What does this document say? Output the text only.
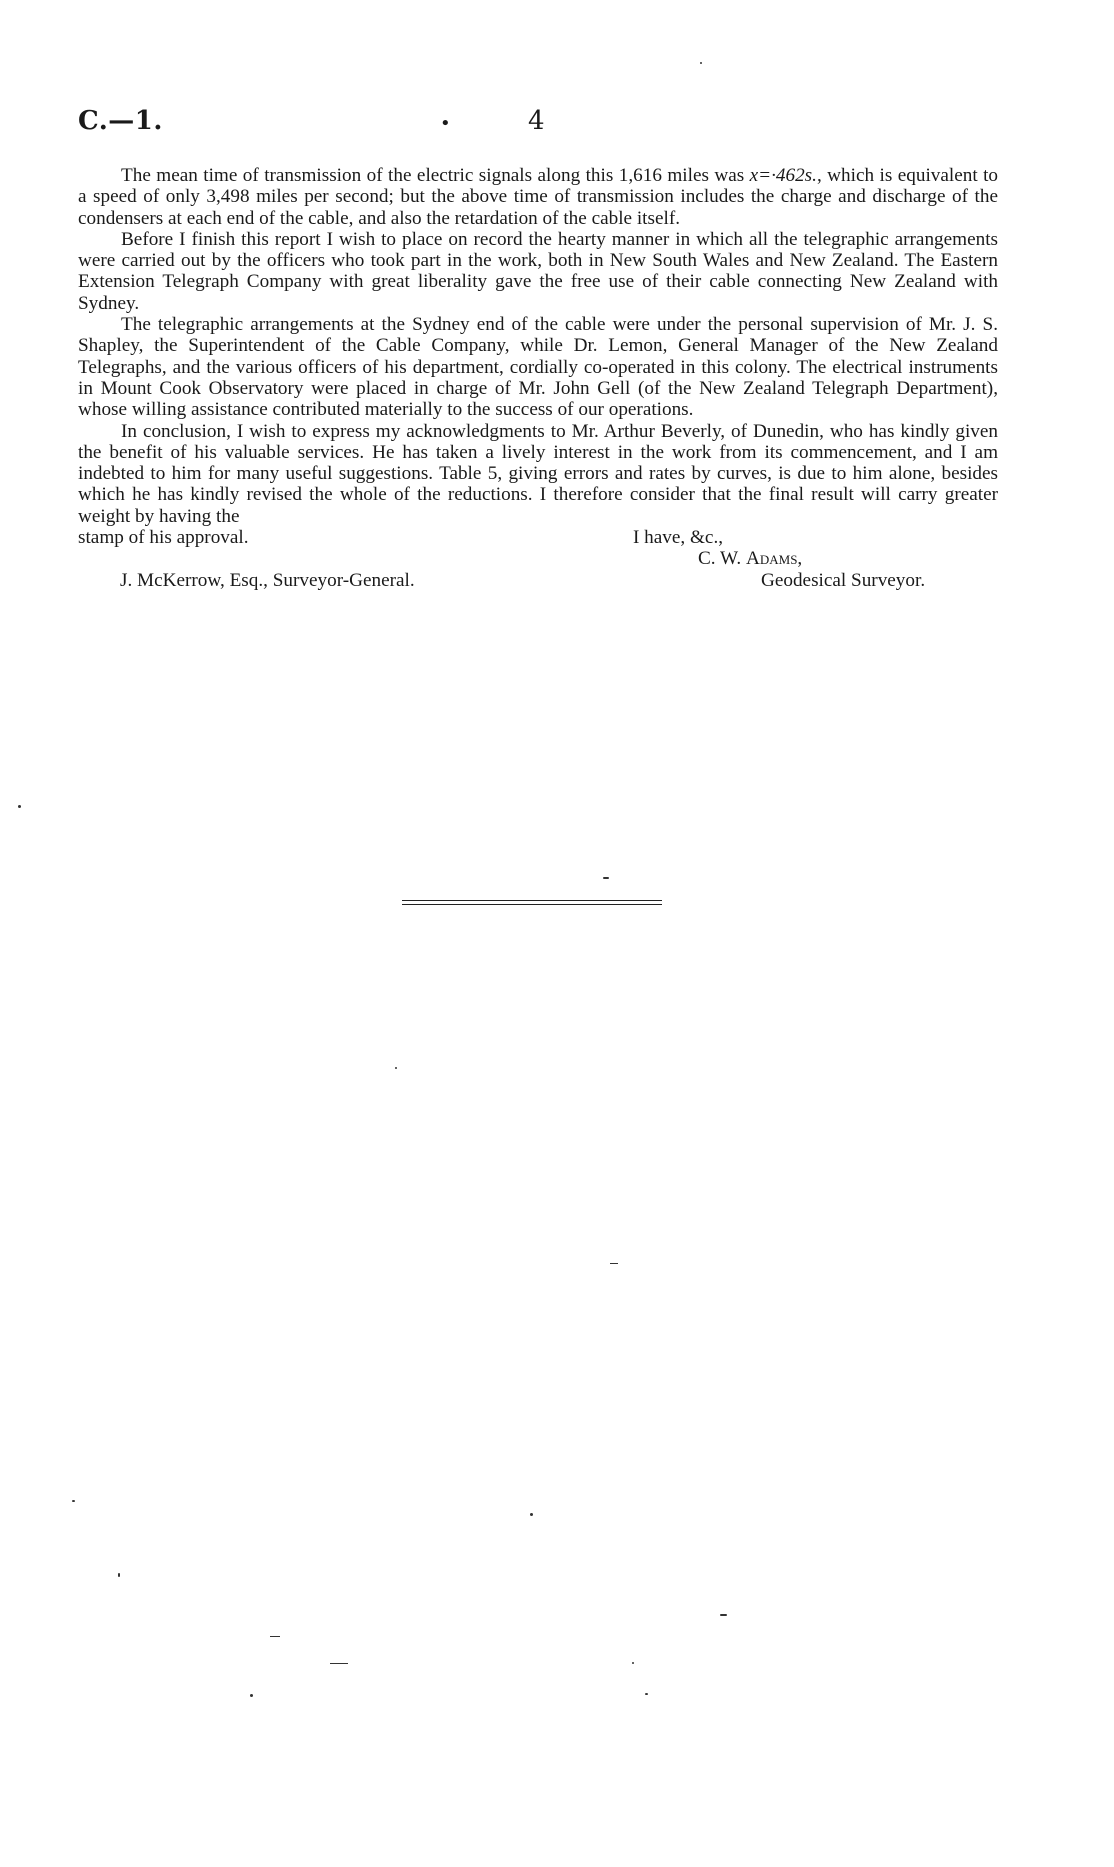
C.—1.	•	4

The mean time of transmission of the electric signals along this 1,616 miles was x=·462s., which is equivalent to a speed of only 3,498 miles per second; but the above time of transmission includes the charge and discharge of the condensers at each end of the cable, and also the retardation of the cable itself.

Before I finish this report I wish to place on record the hearty manner in which all the telegraphic arrangements were carried out by the officers who took part in the work, both in New South Wales and New Zealand. The Eastern Extension Telegraph Company with great liberality gave the free use of their cable connecting New Zealand with Sydney.

The telegraphic arrangements at the Sydney end of the cable were under the personal supervision of Mr. J. S. Shapley, the Superintendent of the Cable Company, while Dr. Lemon, General Manager of the New Zealand Telegraphs, and the various officers of his department, cordially co-operated in this colony. The electrical instruments in Mount Cook Observatory were placed in charge of Mr. John Gell (of the New Zealand Telegraph Department), whose willing assistance contributed materially to the success of our operations.

In conclusion, I wish to express my acknowledgments to Mr. Arthur Beverly, of Dunedin, who has kindly given the benefit of his valuable services. He has taken a lively interest in the work from its commencement, and I am indebted to him for many useful suggestions. Table 5, giving errors and rates by curves, is due to him alone, besides which he has kindly revised the whole of the reductions. I therefore consider that the final result will carry greater weight by having the

stamp of his approval.	I have, &c.,
C. W. Adams,
J. McKerrow, Esq., Surveyor-General.	Geodesical Surveyor.
